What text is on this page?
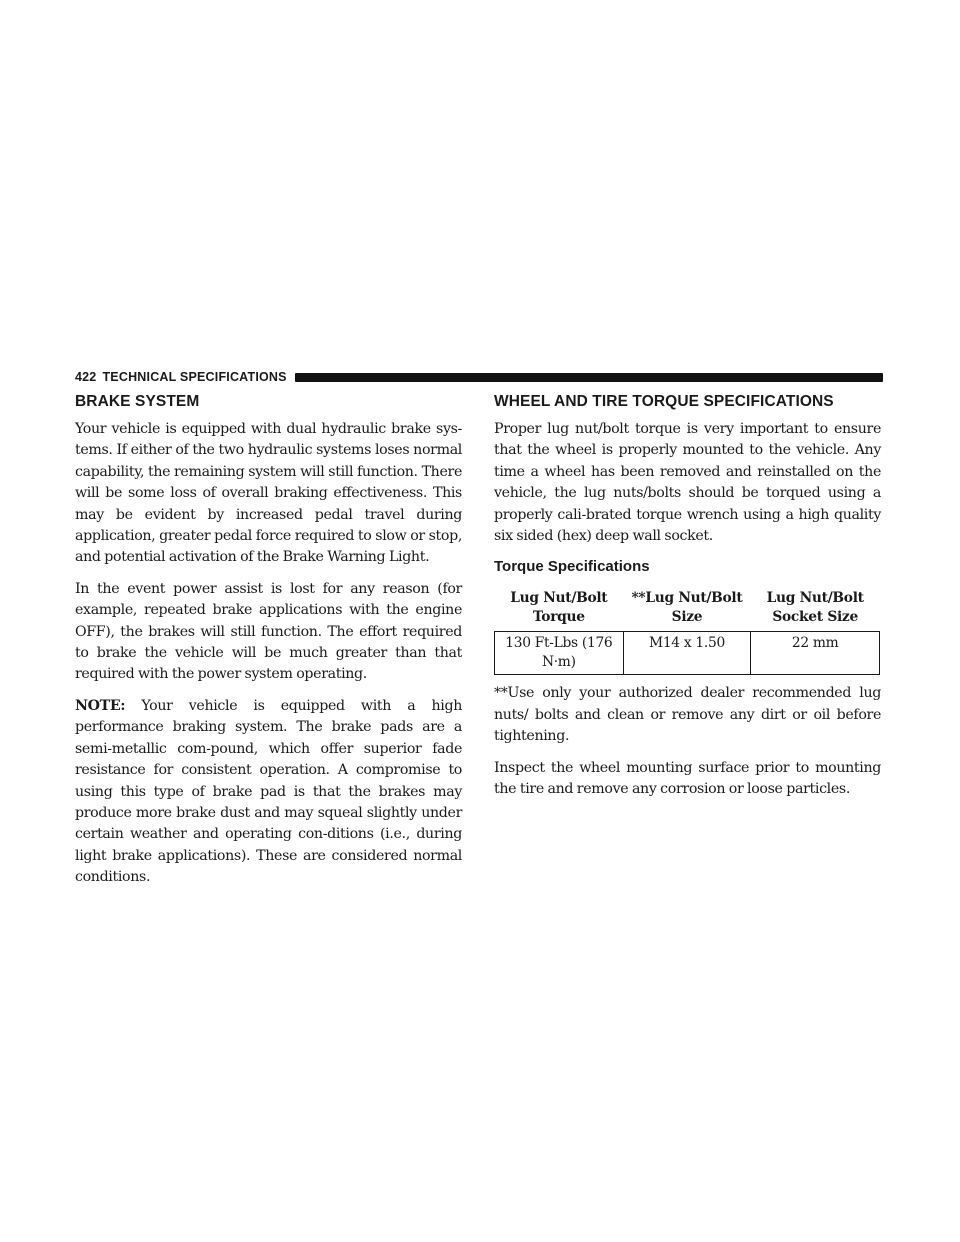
422 TECHNICAL SPECIFICATIONS
BRAKE SYSTEM

Your vehicle is equipped with dual hydraulic brake sys-tems. If either of the two hydraulic systems loses normal capability, the remaining system will still function. There will be some loss of overall braking effectiveness. This may be evident by increased pedal travel during application, greater pedal force required to slow or stop, and potential activation of the Brake Warning Light.

In the event power assist is lost for any reason (for example, repeated brake applications with the engine OFF), the brakes will still function. The effort required to brake the vehicle will be much greater than that required with the power system operating.

NOTE: Your vehicle is equipped with a high performance braking system. The brake pads are a semi-metallic com-pound, which offer superior fade resistance for consistent operation. A compromise to using this type of brake pad is that the brakes may produce more brake dust and may squeal slightly under certain weather and operating con-ditions (i.e., during light brake applications). These are considered normal conditions.

WHEEL AND TIRE TORQUE SPECIFICATIONS

Proper lug nut/bolt torque is very important to ensure that the wheel is properly mounted to the vehicle. Any time a wheel has been removed and reinstalled on the vehicle, the lug nuts/bolts should be torqued using a properly cali-brated torque wrench using a high quality six sided (hex) deep wall socket.

Torque Specifications
Lug Nut/Bolt Torque	**Lug Nut/Bolt Size	Lug Nut/Bolt Socket Size
130 Ft-Lbs (176 N·m)	M14 x 1.50	22 mm

**Use only your authorized dealer recommended lug nuts/ bolts and clean or remove any dirt or oil before tightening.

Inspect the wheel mounting surface prior to mounting the tire and remove any corrosion or loose particles.
